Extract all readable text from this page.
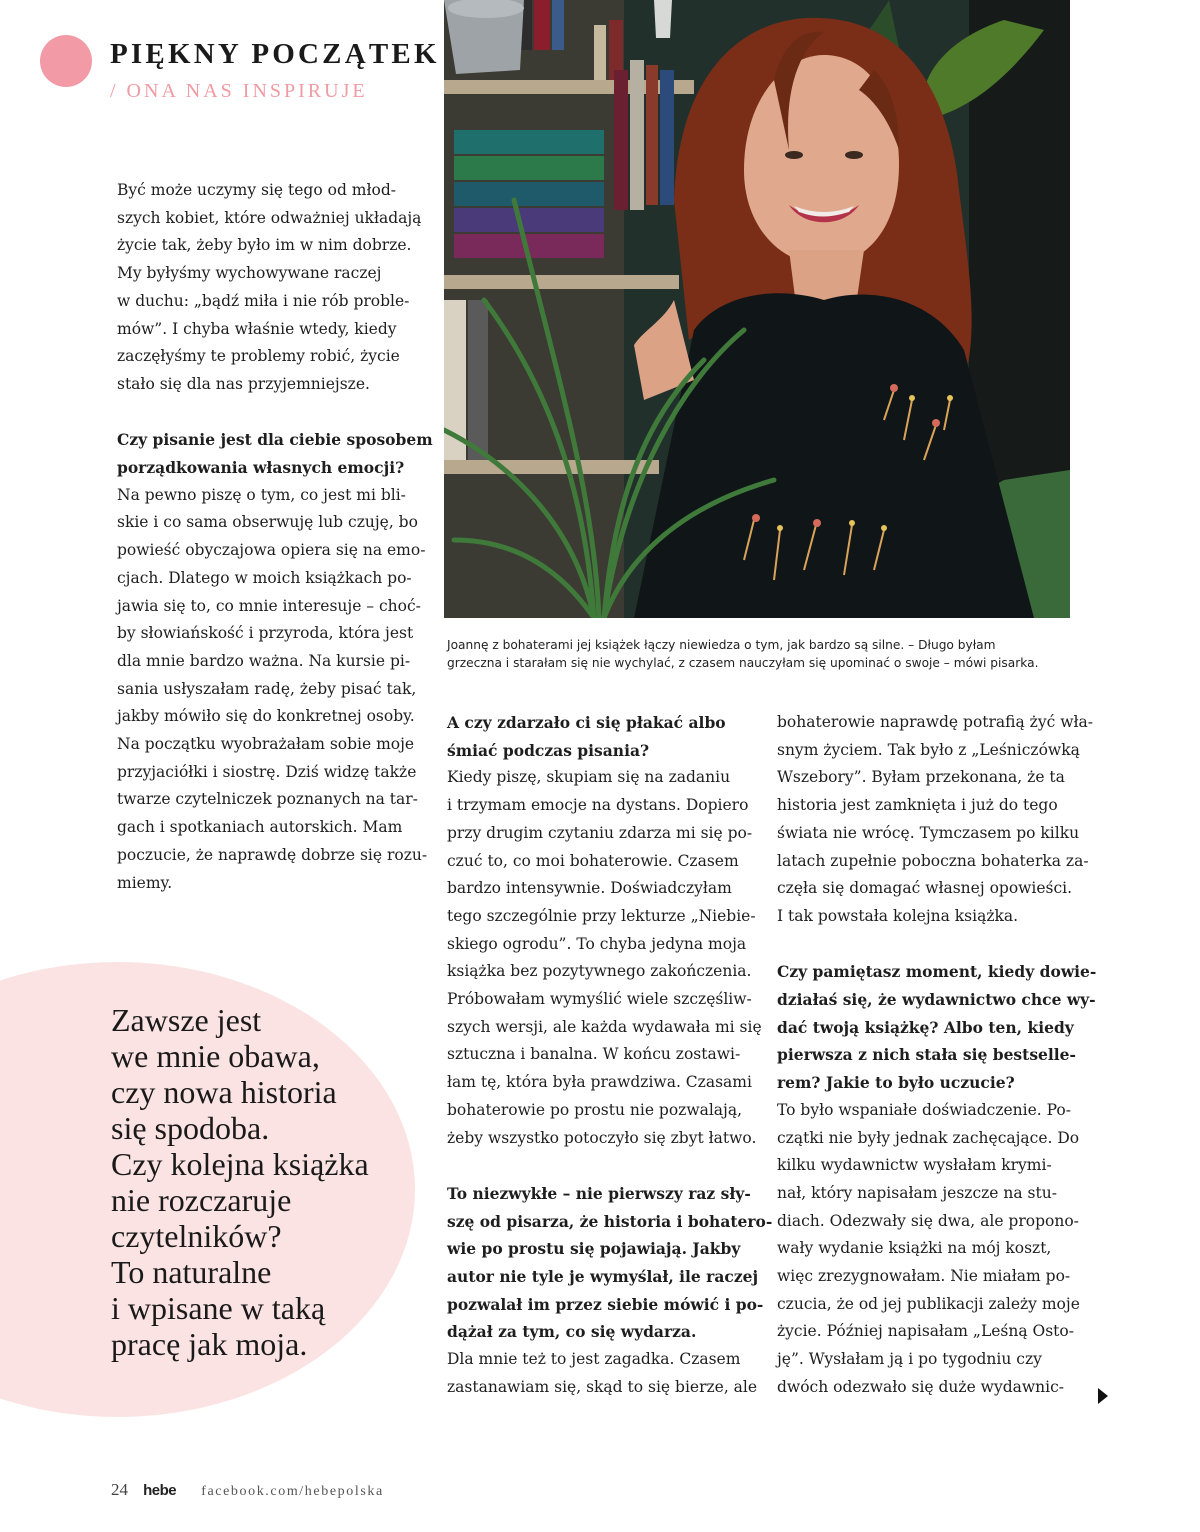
PIĘKNY POCZĄTEK
/ ONA NAS INSPIRUJE

Joannę z bohaterami jej książek łączy niewiedza o tym, jak bardzo są silne. – Długo byłam

grzeczna i starałam się nie wychylać, z czasem nauczyłam się upominać o swoje – mówi pisarka.

Być może uczymy się tego od młod-

szych kobiet, które odważniej układają

życie tak, żeby było im w nim dobrze.

My byłyśmy wychowywane raczej

w duchu: „bądź miła i nie rób proble-

mów”. I chyba właśnie wtedy, kiedy

zaczęłyśmy te problemy robić, życie

stało się dla nas przyjemniejsze.

Czy pisanie jest dla ciebie sposobem

porządkowania własnych emocji?

Na pewno piszę o tym, co jest mi bli-

skie i co sama obserwuję lub czuję, bo

powieść obyczajowa opiera się na emo-

cjach. Dlatego w moich książkach po-

jawia się to, co mnie interesuje – choć-

by słowiańskość i przyroda, która jest

dla mnie bardzo ważna. Na kursie pi-

sania usłyszałam radę, żeby pisać tak,

jakby mówiło się do konkretnej osoby.

Na początku wyobrażałam sobie moje

przyjaciółki i siostrę. Dziś widzę także

twarze czytelniczek poznanych na tar-

gach i spotkaniach autorskich. Mam

poczucie, że naprawdę dobrze się rozu-

miemy.

A czy zdarzało ci się płakać albo

śmiać podczas pisania?

Kiedy piszę, skupiam się na zadaniu

i trzymam emocje na dystans. Dopiero

przy drugim czytaniu zdarza mi się po-

czuć to, co moi bohaterowie. Czasem

bardzo intensywnie. Doświadczyłam

tego szczególnie przy lekturze „Niebie-

skiego ogrodu”. To chyba jedyna moja

książka bez pozytywnego zakończenia.

Próbowałam wymyślić wiele szczęśliw-

szych wersji, ale każda wydawała mi się

sztuczna i banalna. W końcu zostawi-

łam tę, która była prawdziwa. Czasami

bohaterowie po prostu nie pozwalają,

żeby wszystko potoczyło się zbyt łatwo.

To niezwykłe – nie pierwszy raz sły-

szę od pisarza, że historia i bohatero-

wie po prostu się pojawiają. Jakby

autor nie tyle je wymyślał, ile raczej

pozwalał im przez siebie mówić i po-

dążał za tym, co się wydarza.

Dla mnie też to jest zagadka. Czasem

zastanawiam się, skąd to się bierze, ale

bohaterowie naprawdę potrafią żyć wła-

snym życiem. Tak było z „Leśniczówką

Wszebory”. Byłam przekonana, że ta

historia jest zamknięta i już do tego

świata nie wrócę. Tymczasem po kilku

latach zupełnie poboczna bohaterka za-

częła się domagać własnej opowieści.

I tak powstała kolejna książka.

Czy pamiętasz moment, kiedy dowie-

działaś się, że wydawnictwo chce wy-

dać twoją książkę? Albo ten, kiedy

pierwsza z nich stała się bestselle-

rem? Jakie to było uczucie?

To było wspaniałe doświadczenie. Po-

czątki nie były jednak zachęcające. Do

kilku wydawnictw wysłałam krymi-

nał, który napisałam jeszcze na stu-

diach. Odezwały się dwa, ale propono-

wały wydanie książki na mój koszt,

więc zrezygnowałam. Nie miałam po-

czucia, że od jej publikacji zależy moje

życie. Później napisałam „Leśną Osto-

ję”. Wysłałam ją i po tygodniu czy

dwóch odezwało się duże wydawnic-

Zawsze jest

we mnie obawa,

czy nowa historia

się spodoba.

Czy kolejna książka

nie rozczaruje

czytelników?

To naturalne

i wpisane w taką

pracę jak moja.

24 hebe facebook.com/hebepolska
